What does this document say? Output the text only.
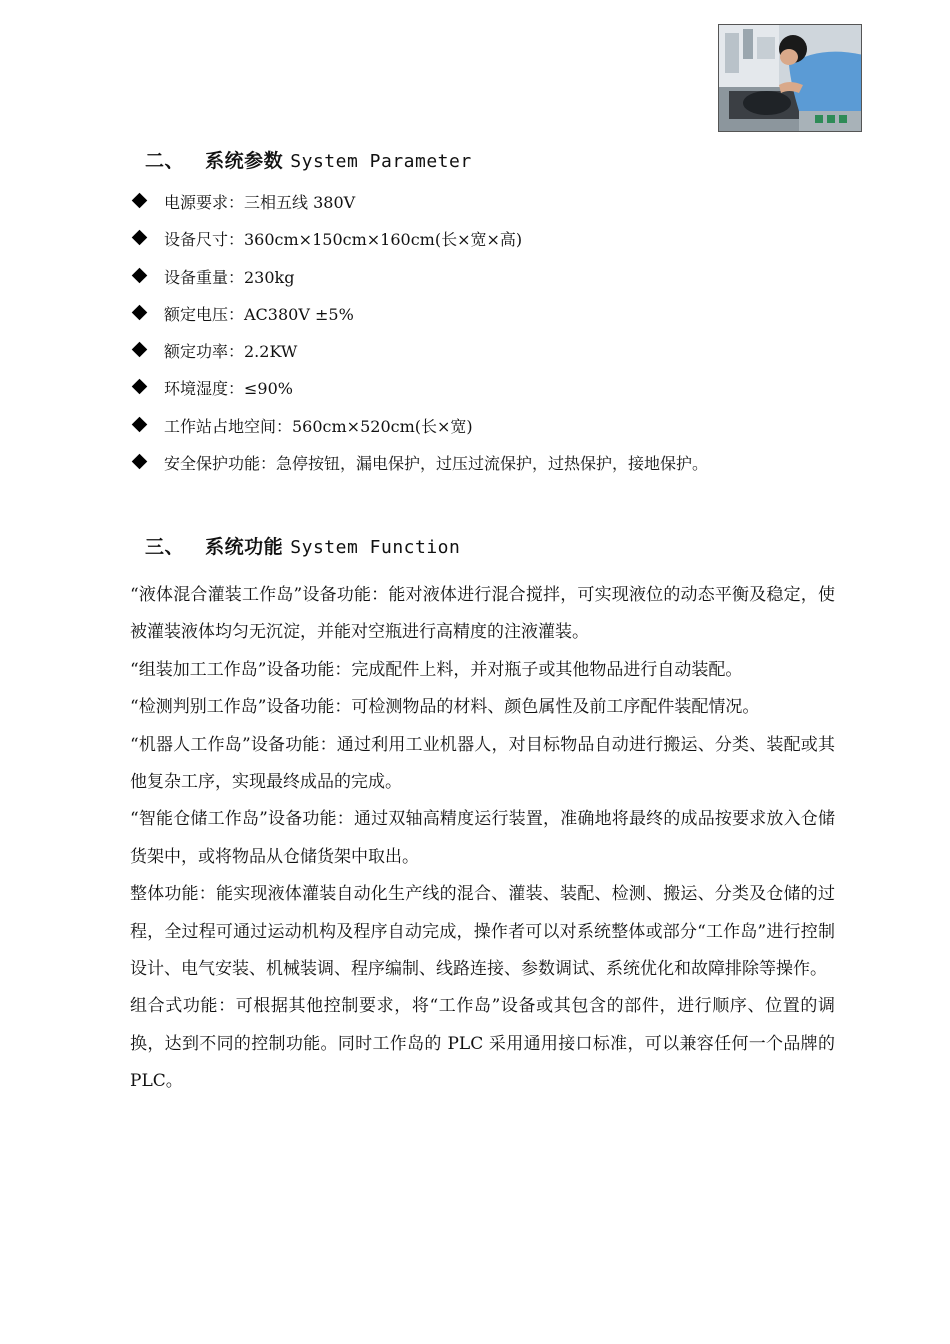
二、 系统参数 System Parameter
电源要求：三相五线 380V
设备尺寸：360cm×150cm×160cm(长×宽×高)
设备重量：230kg
额定电压：AC380V ±5%
额定功率：2.2KW
环境湿度：≤90%
工作站占地空间：560cm×520cm(长×宽)
安全保护功能：急停按钮，漏电保护，过压过流保护，过热保护，接地保护。
三、 系统功能 System Function

“液体混合灌装工作岛”设备功能：能对液体进行混合搅拌，可实现液位的动态平衡及稳定，使被灌装液体均匀无沉淀，并能对空瓶进行高精度的注液灌装。

“组装加工工作岛”设备功能：完成配件上料，并对瓶子或其他物品进行自动装配。

“检测判别工作岛”设备功能：可检测物品的材料、颜色属性及前工序配件装配情况。

“机器人工作岛”设备功能：通过利用工业机器人，对目标物品自动进行搬运、分类、装配或其他复杂工序，实现最终成品的完成。

“智能仓储工作岛”设备功能：通过双轴高精度运行装置，准确地将最终的成品按要求放入仓储货架中，或将物品从仓储货架中取出。

整体功能：能实现液体灌装自动化生产线的混合、灌装、装配、检测、搬运、分类及仓储的过程，全过程可通过运动机构及程序自动完成，操作者可以对系统整体或部分“工作岛”进行控制设计、电气安装、机械装调、程序编制、线路连接、参数调试、系统优化和故障排除等操作。

组合式功能：可根据其他控制要求，将“工作岛”设备或其包含的部件，进行顺序、位置的调换，达到不同的控制功能。同时工作岛的 PLC 采用通用接口标准，可以兼容任何一个品牌的 PLC。
